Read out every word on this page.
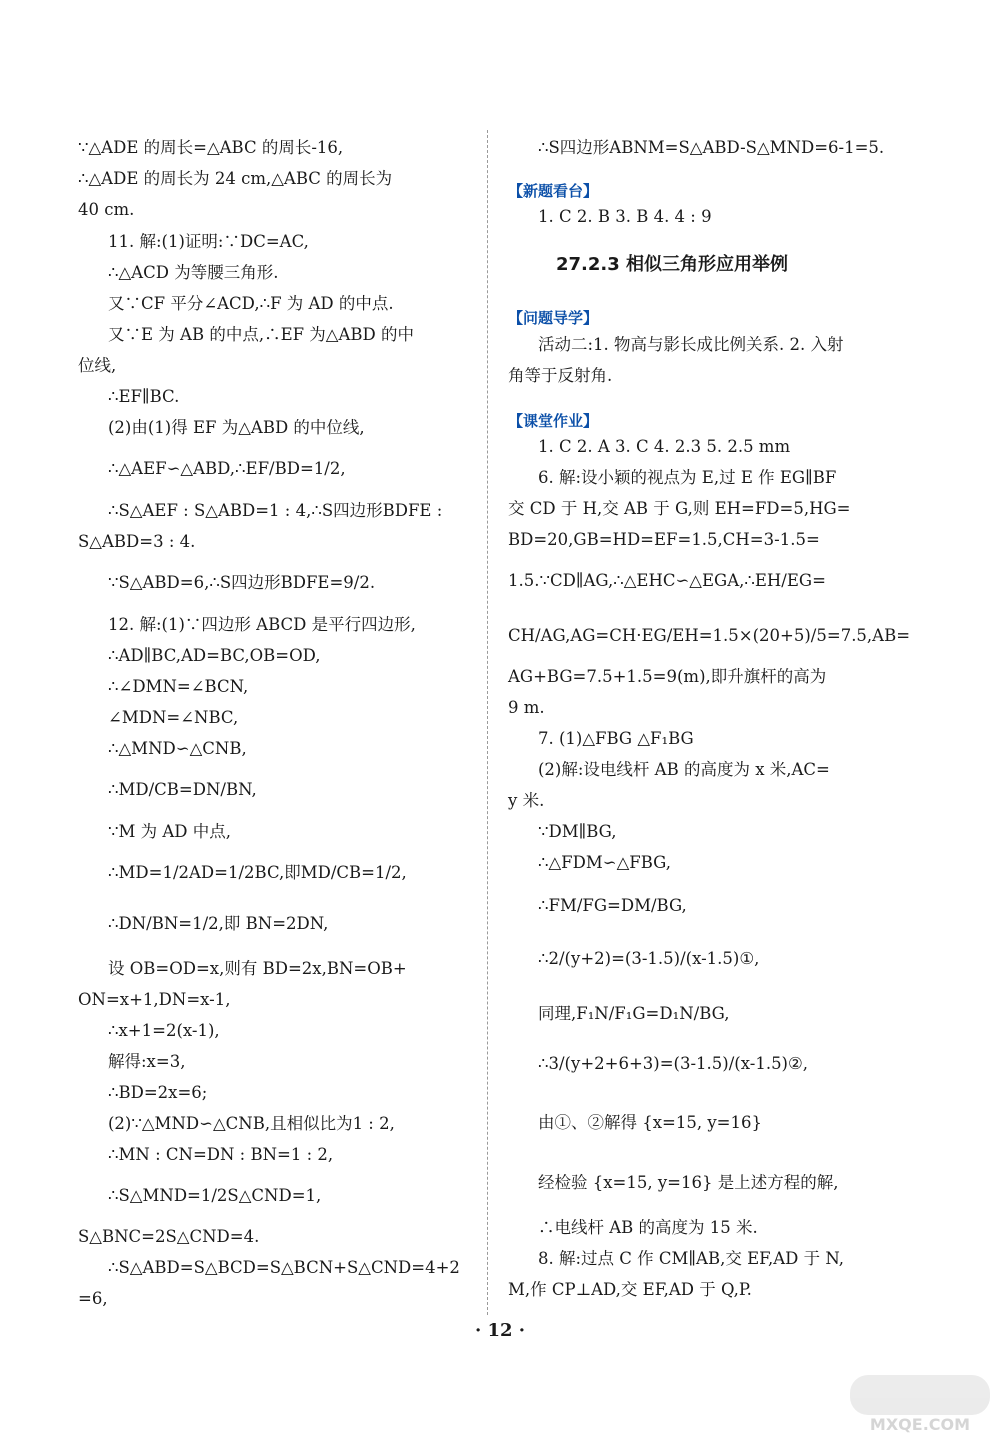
∵△ADE 的周长=△ABC 的周长-16,
∴△ADE 的周长为 24 cm,△ABC 的周长为
40 cm.
11. 解:(1)证明:∵DC=AC,
∴△ACD 为等腰三角形.
又∵CF 平分∠ACD,∴F 为 AD 的中点.
又∵E 为 AB 的中点,∴EF 为△ABD 的中
位线,
∴EF∥BC.
(2)由(1)得 EF 为△ABD 的中位线,
∴△AEF∽△ABD,∴EF/BD=1/2,
∴S△AEF : S△ABD=1 : 4,∴S四边形BDFE :
S△ABD=3 : 4.
∵S△ABD=6,∴S四边形BDFE=9/2.
12. 解:(1)∵四边形 ABCD 是平行四边形,
∴AD∥BC,AD=BC,OB=OD,
∴∠DMN=∠BCN,
∠MDN=∠NBC,
∴△MND∽△CNB,
∴MD/CB=DN/BN,
∵M 为 AD 中点,
∴MD=1/2AD=1/2BC,即MD/CB=1/2,
∴DN/BN=1/2,即 BN=2DN,
设 OB=OD=x,则有 BD=2x,BN=OB+
ON=x+1,DN=x-1,
∴x+1=2(x-1),
解得:x=3,
∴BD=2x=6;
(2)∵△MND∽△CNB,且相似比为1 : 2,
∴MN : CN=DN : BN=1 : 2,
∴S△MND=1/2S△CND=1,
S△BNC=2S△CND=4.
∴S△ABD=S△BCD=S△BCN+S△CND=4+2
=6,
∴S四边形ABNM=S△ABD-S△MND=6-1=5.
【新题看台】
1. C 2. B 3. B 4. 4 : 9
27.2.3 相似三角形应用举例
【问题导学】
活动二:1. 物高与影长成比例关系. 2. 入射
角等于反射角.
【课堂作业】
1. C 2. A 3. C 4. 2.3 5. 2.5 mm
6. 解:设小颖的视点为 E,过 E 作 EG∥BF
交 CD 于 H,交 AB 于 G,则 EH=FD=5,HG=
BD=20,GB=HD=EF=1.5,CH=3-1.5=
1.5.∵CD∥AG,∴△EHC∽△EGA,∴EH/EG=
CH/AG,AG=CH·EG/EH=1.5×(20+5)/5=7.5,AB=
AG+BG=7.5+1.5=9(m),即升旗杆的高为
9 m.
7. (1)△FBG △F₁BG
(2)解:设电线杆 AB 的高度为 x 米,AC=
y 米.
∵DM∥BG,
∴△FDM∽△FBG,
∴FM/FG=DM/BG,
∴2/(y+2)=(3-1.5)/(x-1.5)①,
同理,F₁N/F₁G=D₁N/BG,
∴3/(y+2+6+3)=(3-1.5)/(x-1.5)②,
由①、②解得 {x=15, y=16}
经检验 {x=15, y=16} 是上述方程的解,
∴电线杆 AB 的高度为 15 米.
8. 解:过点 C 作 CM∥AB,交 EF,AD 于 N,
M,作 CP⊥AD,交 EF,AD 于 Q,P.
· 12 ·
MXQE.COM
